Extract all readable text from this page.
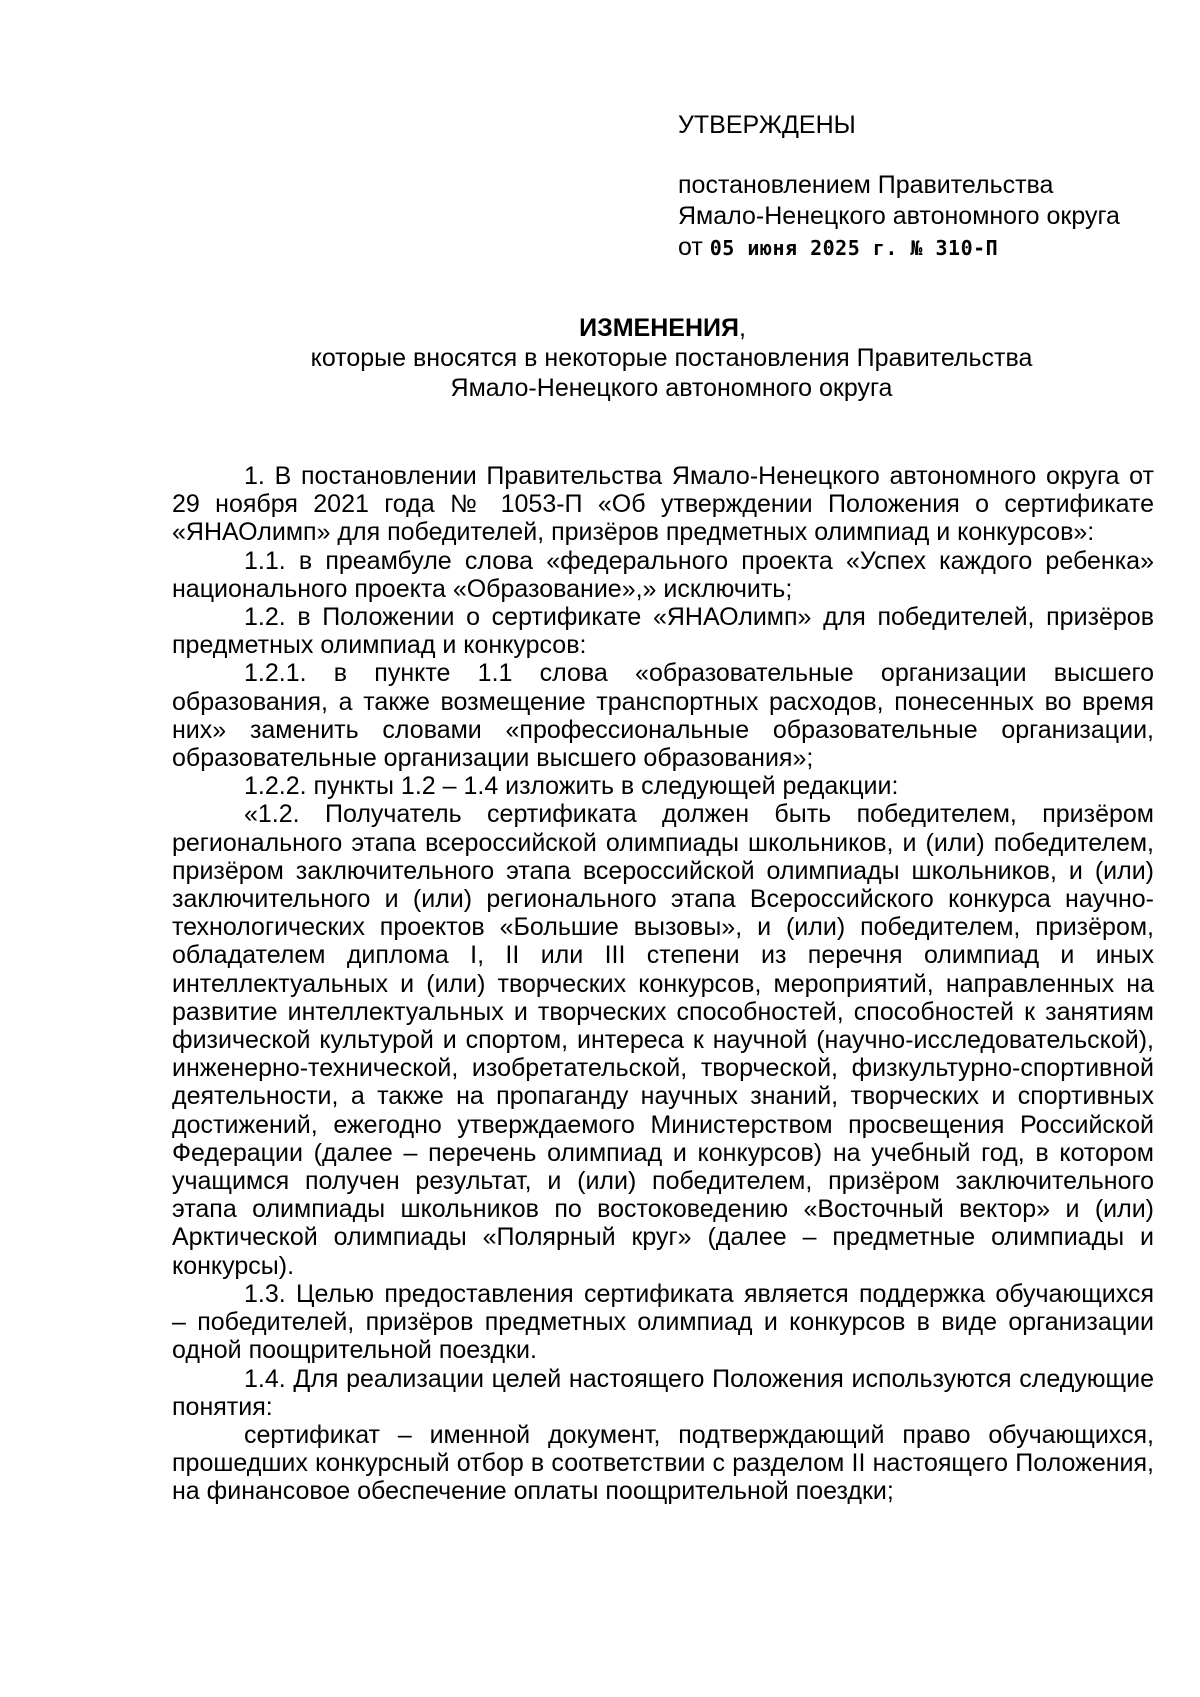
УТВЕРЖДЕНЫ

постановлением Правительства

Ямало-Ненецкого автономного округа

от 05 июня 2025 г. № 310-П

ИЗМЕНЕНИЯ,

которые вносятся в некоторые постановления Правительства

Ямало-Ненецкого автономного округа

1. В постановлении Правительства Ямало-Ненецкого автономного округа от 29 ноября 2021 года № 1053-П «Об утверждении Положения о сертификате «ЯНАОлимп» для победителей, призёров предметных олимпиад и конкурсов»:

1.1. в преамбуле слова «федерального проекта «Успех каждого ребенка» национального проекта «Образование»,» исключить;

1.2. в Положении о сертификате «ЯНАОлимп» для победителей, призёров предметных олимпиад и конкурсов:

1.2.1. в пункте 1.1 слова «образовательные организации высшего образования, а также возмещение транспортных расходов, понесенных во время них» заменить словами «профессиональные образовательные организации, образовательные организации высшего образования»;

1.2.2. пункты 1.2 – 1.4 изложить в следующей редакции:

«1.2. Получатель сертификата должен быть победителем, призёром регионального этапа всероссийской олимпиады школьников, и (или) победителем, призёром заключительного этапа всероссийской олимпиады школьников, и (или) заключительного и (или) регионального этапа Всероссийского конкурса научно-технологических проектов «Большие вызовы», и (или) победителем, призёром, обладателем диплома I, II или III степени из перечня олимпиад и иных интеллектуальных и (или) творческих конкурсов, мероприятий, направленных на развитие интеллектуальных и творческих способностей, способностей к занятиям физической культурой и спортом, интереса к научной (научно-исследовательской), инженерно-технической, изобретательской, творческой, физкультурно-спортивной деятельности, а также на пропаганду научных знаний, творческих и спортивных достижений, ежегодно утверждаемого Министерством просвещения Российской Федерации (далее – перечень олимпиад и конкурсов) на учебный год, в котором учащимся получен результат, и (или) победителем, призёром заключительного этапа олимпиады школьников по востоковедению «Восточный вектор» и (или) Арктической олимпиады «Полярный круг» (далее – предметные олимпиады и конкурсы).

1.3. Целью предоставления сертификата является поддержка обучающихся – победителей, призёров предметных олимпиад и конкурсов в виде организации одной поощрительной поездки.

1.4. Для реализации целей настоящего Положения используются следующие понятия:

сертификат – именной документ, подтверждающий право обучающихся, прошедших конкурсный отбор в соответствии с разделом II настоящего Положения, на финансовое обеспечение оплаты поощрительной поездки;
